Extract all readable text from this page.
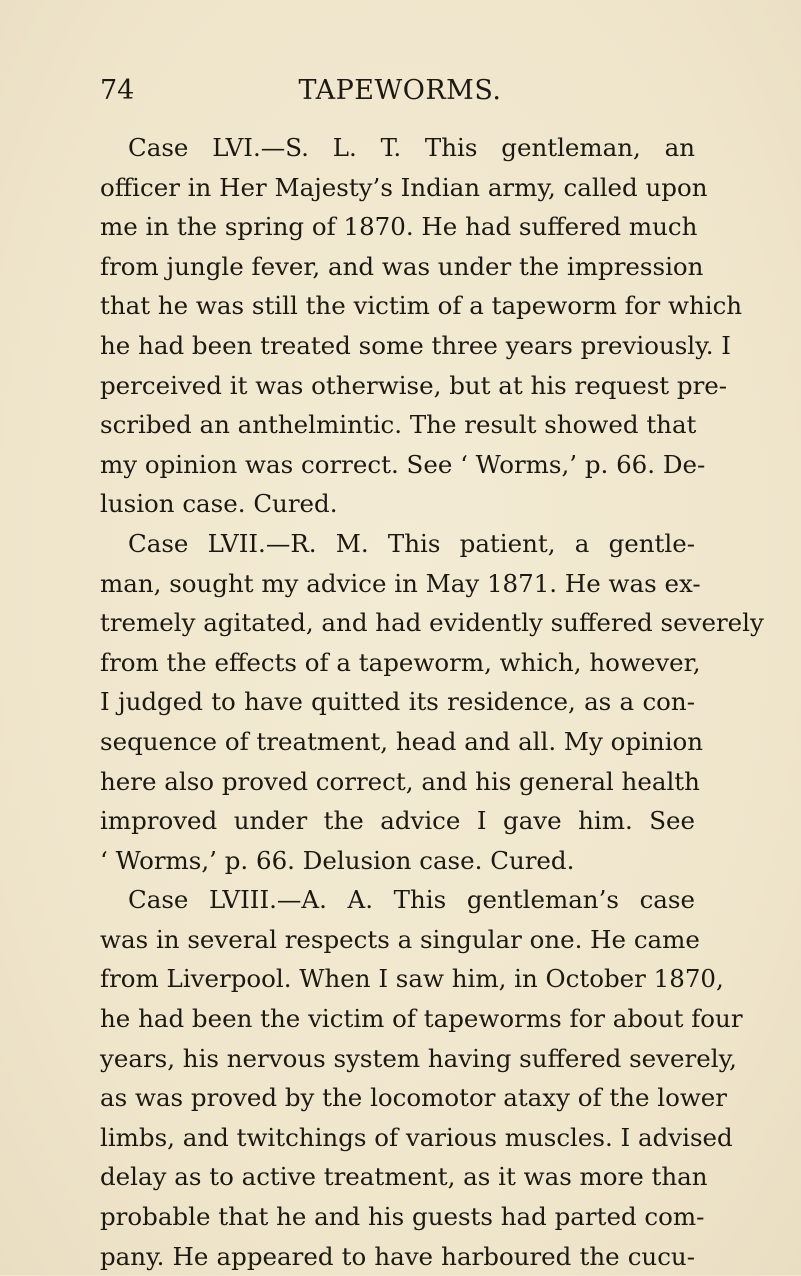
74	TAPEWORMS.
Case LVI.—S. L. T. This gentleman, an
officer in Her Majesty’s Indian army, called upon
me in the spring of 1870. He had suffered much
from jungle fever, and was under the impression
that he was still the victim of a tapeworm for which
he had been treated some three years previously. I
perceived it was otherwise, but at his request pre-
scribed an anthelmintic. The result showed that
my opinion was correct. See ‘ Worms,’ p. 66. De-
lusion case. Cured.
Case LVII.—R. M. This patient, a gentle-
man, sought my advice in May 1871. He was ex-
tremely agitated, and had evidently suffered severely
from the effects of a tapeworm, which, however,
I judged to have quitted its residence, as a con-
sequence of treatment, head and all. My opinion
here also proved correct, and his general health
improved under the advice I gave him. See
‘ Worms,’ p. 66. Delusion case. Cured.
Case LVIII.—A. A. This gentleman’s case
was in several respects a singular one. He came
from Liverpool. When I saw him, in October 1870,
he had been the victim of tapeworms for about four
years, his nervous system having suffered severely,
as was proved by the locomotor ataxy of the lower
limbs, and twitchings of various muscles. I advised
delay as to active treatment, as it was more than
probable that he and his guests had parted com-
pany. He appeared to have harboured the cucu-
